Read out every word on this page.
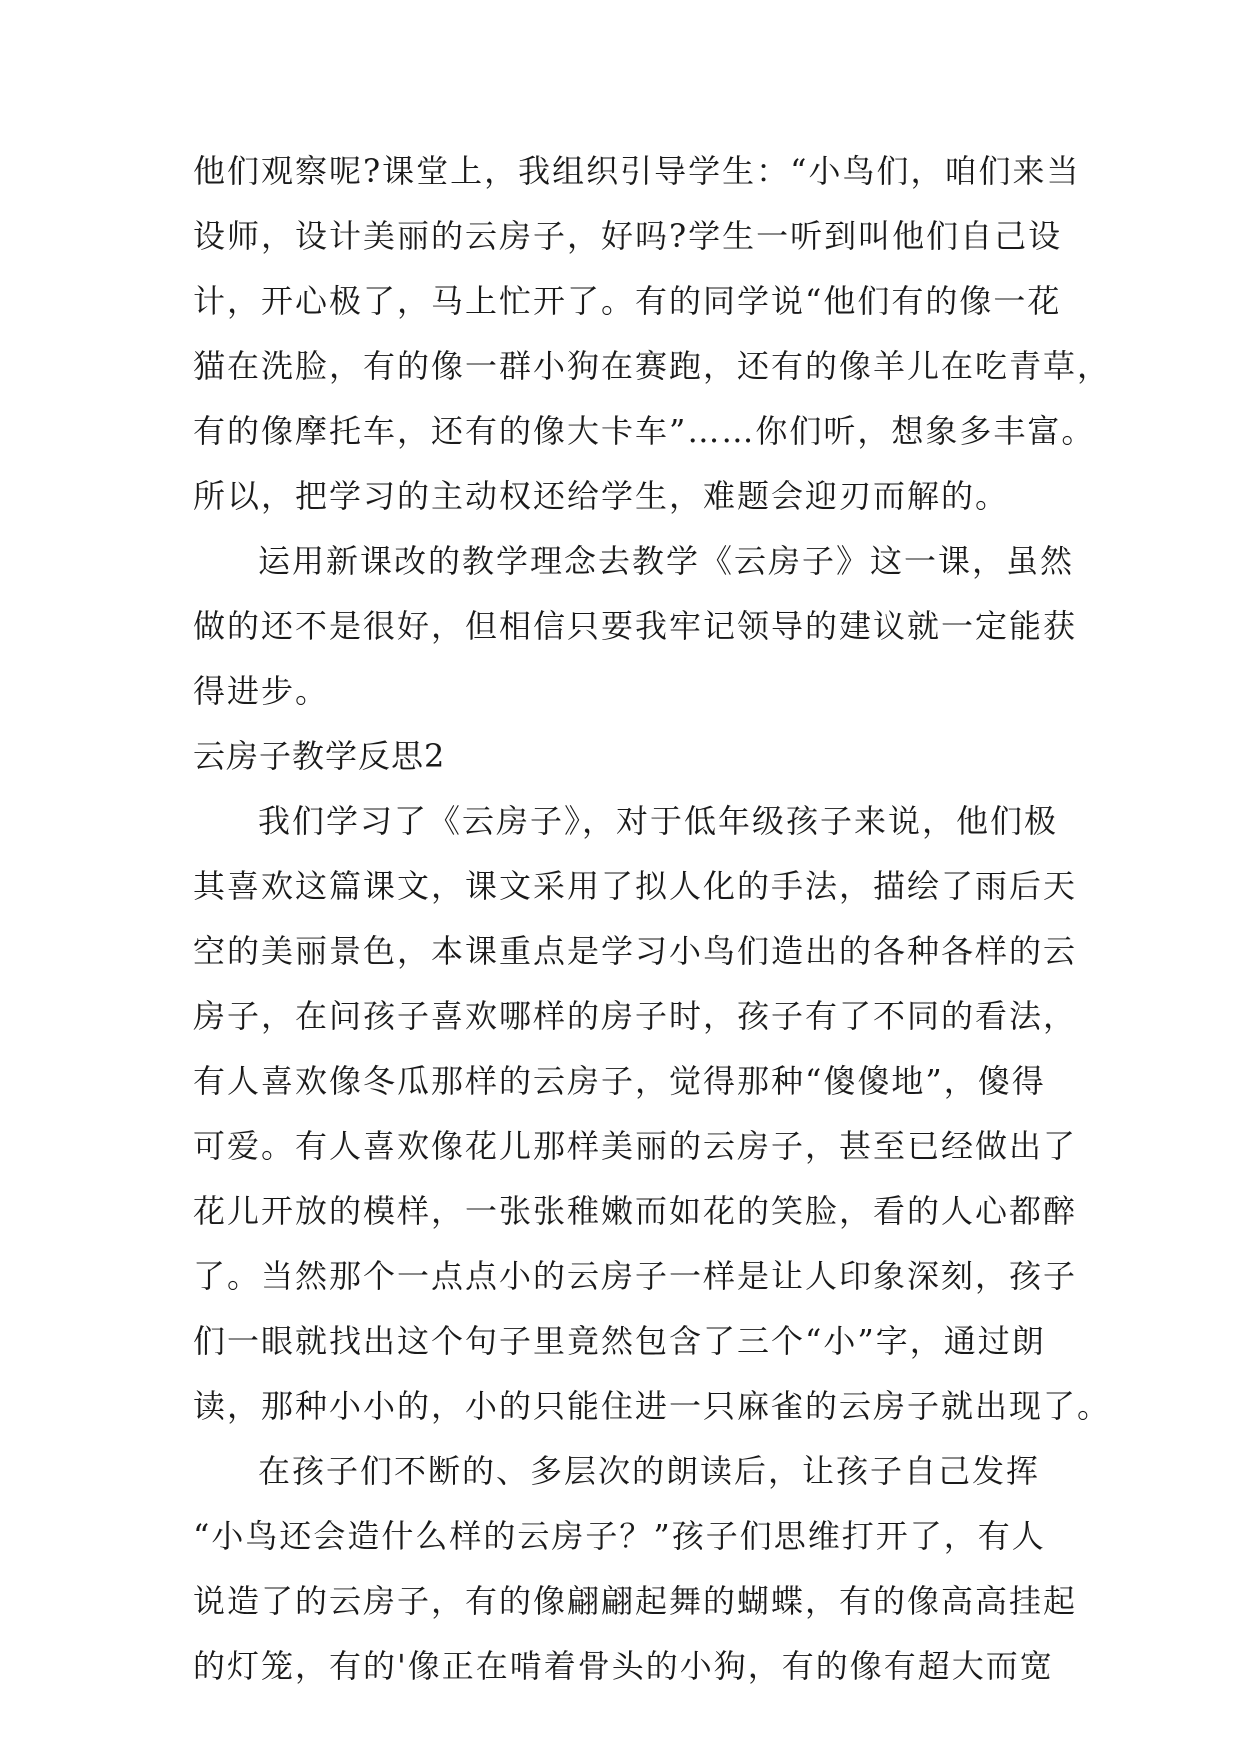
他们观察呢?课堂上，我组织引导学生：“小鸟们，咱们来当
设师，设计美丽的云房子，好吗?学生一听到叫他们自己设
计，开心极了，马上忙开了。有的同学说“他们有的像一花
猫在洗脸，有的像一群小狗在赛跑，还有的像羊儿在吃青草，
有的像摩托车，还有的像大卡车”……你们听，想象多丰富。
所以，把学习的主动权还给学生，难题会迎刃而解的。
运用新课改的教学理念去教学《云房子》这一课，虽然
做的还不是很好，但相信只要我牢记领导的建议就一定能获
得进步。
云房子教学反思2
我们学习了《云房子》，对于低年级孩子来说，他们极
其喜欢这篇课文，课文采用了拟人化的手法，描绘了雨后天
空的美丽景色，本课重点是学习小鸟们造出的各种各样的云
房子，在问孩子喜欢哪样的房子时，孩子有了不同的看法，
有人喜欢像冬瓜那样的云房子，觉得那种“傻傻地”，傻得
可爱。有人喜欢像花儿那样美丽的云房子，甚至已经做出了
花儿开放的模样，一张张稚嫩而如花的笑脸，看的人心都醉
了。当然那个一点点小的云房子一样是让人印象深刻，孩子
们一眼就找出这个句子里竟然包含了三个“小”字，通过朗
读，那种小小的，小的只能住进一只麻雀的云房子就出现了。
在孩子们不断的、多层次的朗读后，让孩子自己发挥
“小鸟还会造什么样的云房子？”孩子们思维打开了，有人
说造了的云房子，有的像翩翩起舞的蝴蝶，有的像高高挂起
的灯笼，有的'像正在啃着骨头的小狗，有的像有超大而宽
